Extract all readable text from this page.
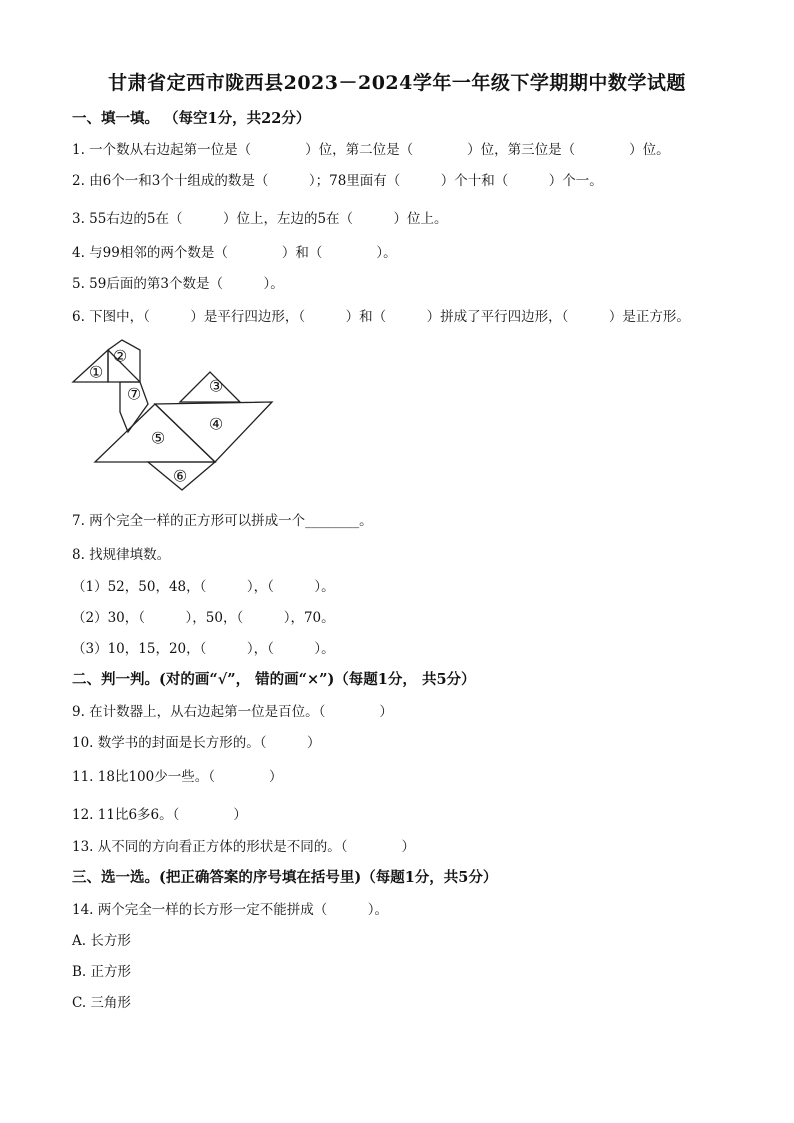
甘肃省定西市陇西县2023－2024学年一年级下学期期中数学试题
一、填一填。 （每空1分，共22分）
1. 一个数从右边起第一位是（　　　　）位，第二位是（　　　　）位，第三位是（　　　　）位。
2. 由6个一和3个十组成的数是（　　　）；78里面有（　　　）个十和（　　　）个一。
3. 55右边的5在（　　　）位上，左边的5在（　　　）位上。
4. 与99相邻的两个数是（　　　　）和（　　　　）。
5. 59后面的第3个数是（　　　）。
6. 下图中，（　　　）是平行四边形，（　　　）和（　　　）拼成了平行四边形，（　　　）是正方形。
①
②
③
④
⑤
⑥
⑦
7. 两个完全一样的正方形可以拼成一个________。
8. 找规律填数。
（1）52，50，48，（　　　），（　　　）。
（2）30，（　　　），50，（　　　），70。
（3）10，15，20，（　　　），（　　　）。
二、判一判。(对的画“√”， 错的画“×”)（每题1分， 共5分）
9. 在计数器上，从右边起第一位是百位。（　　　　）
10. 数学书的封面是长方形的。（　　　）
11. 18比100少一些。（　　　　）
12. 11比6多6。（　　　　）
13. 从不同的方向看正方体的形状是不同的。（　　　　）
三、选一选。(把正确答案的序号填在括号里)（每题1分，共5分）
14. 两个完全一样的长方形一定不能拼成（　　　）。
A. 长方形
B. 正方形
C. 三角形
